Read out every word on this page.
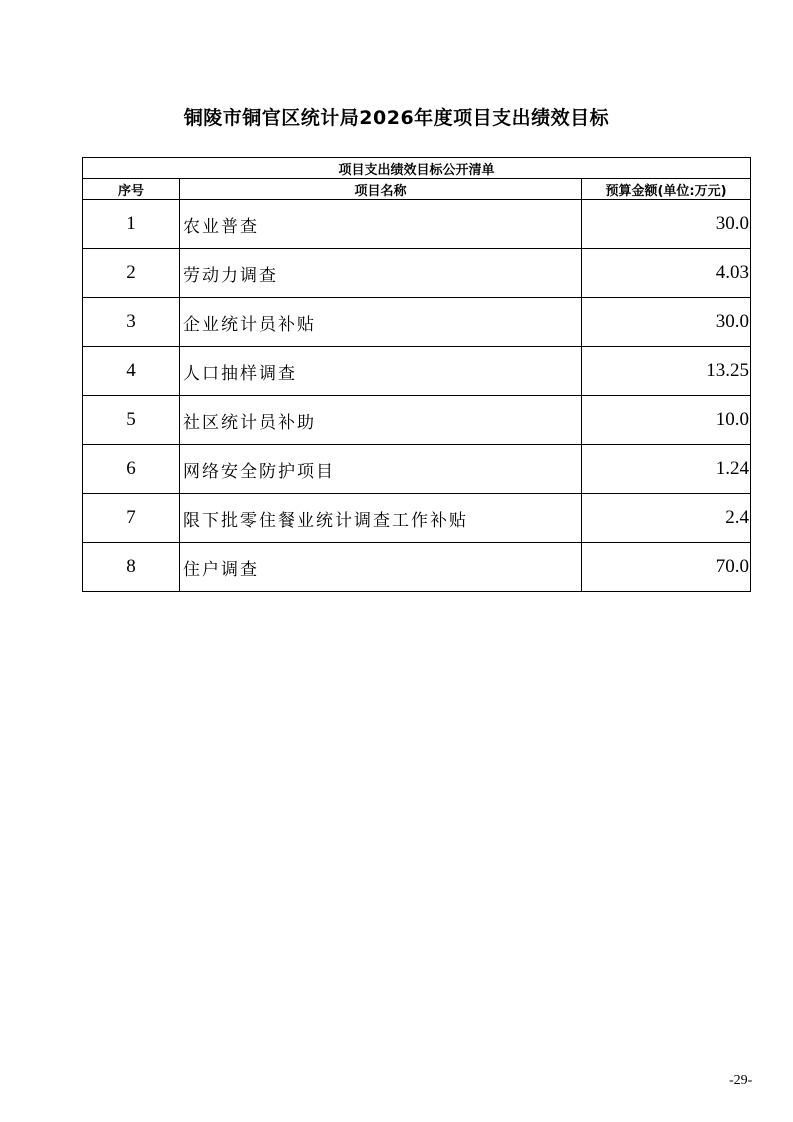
铜陵市铜官区统计局2026年度项目支出绩效目标
项目支出绩效目标公开清单		
序号	项目名称	预算金额(单位:万元)
1	农业普查	30.0
2	劳动力调查	4.03
3	企业统计员补贴	30.0
4	人口抽样调查	13.25
5	社区统计员补助	10.0
6	网络安全防护项目	1.24
7	限下批零住餐业统计调查工作补贴	2.4
8	住户调查	70.0
-29-
